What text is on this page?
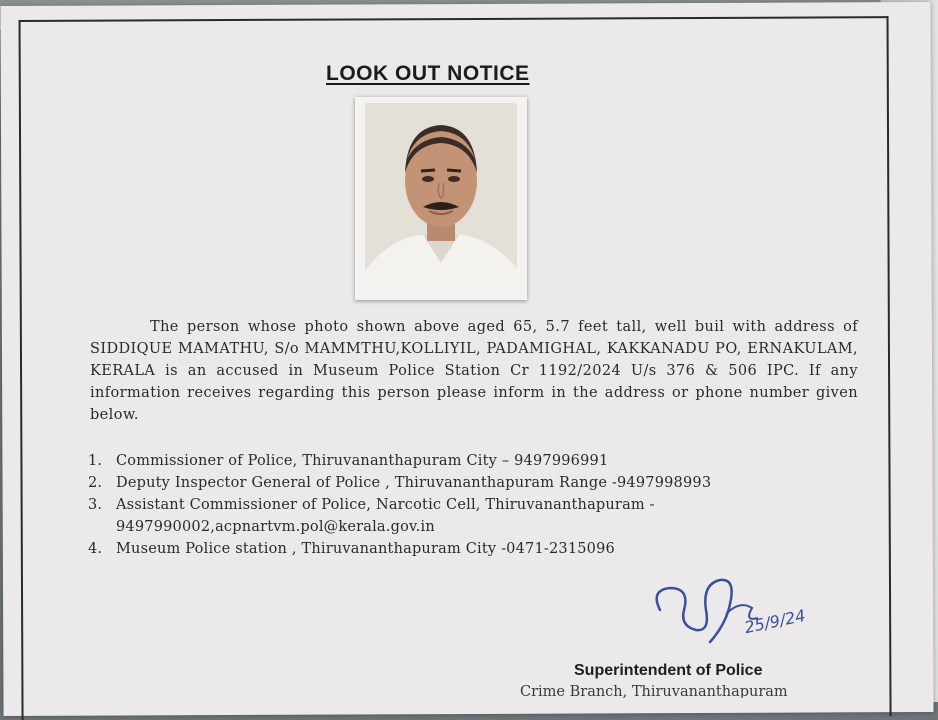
LOOK OUT NOTICE
The person whose photo shown above aged 65, 5.7 feet tall, well buil with address of SIDDIQUE MAMATHU, S/o MAMMTHU,KOLLIYIL, PADAMIGHAL, KAKKANADU PO, ERNAKULAM, KERALA is an accused in Museum Police Station Cr 1192/2024 U/s 376 & 506 IPC. If any information receives regarding this person please inform in the address or phone number given below.
1. Commissioner of Police, Thiruvananthapuram City – 9497996991
2. Deputy Inspector General of Police , Thiruvananthapuram Range -9497998993
3. Assistant Commissioner of Police, Narcotic Cell, Thiruvananthapuram - 9497990002,acpnartvm.pol@kerala.gov.in
4. Museum Police station , Thiruvananthapuram City -0471-2315096
25/9/24
Superintendent of Police
Crime Branch, Thiruvananthapuram
